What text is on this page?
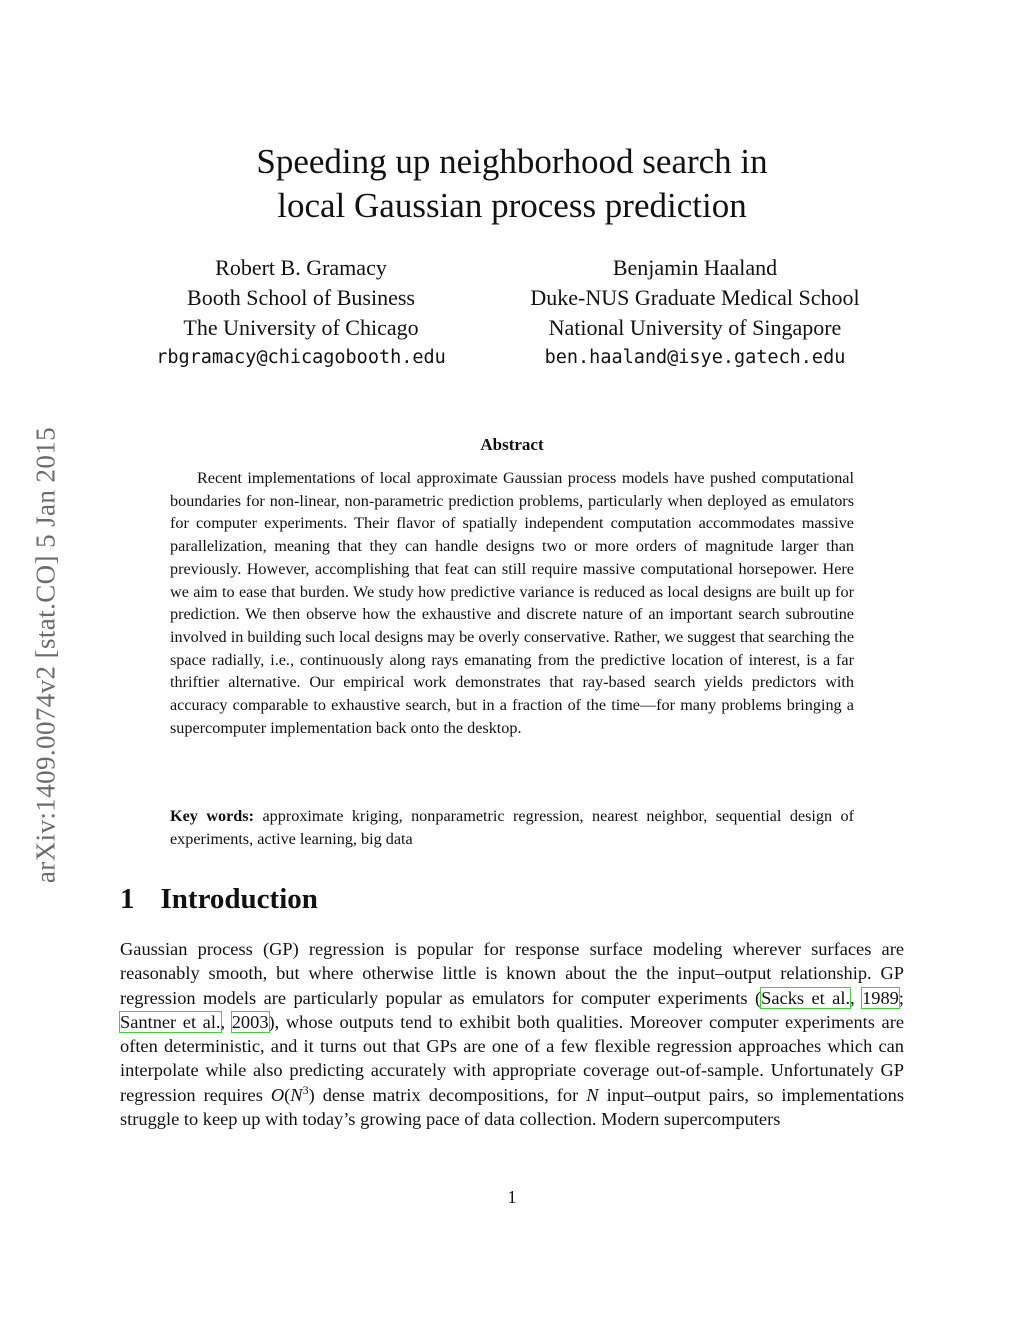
arXiv:1409.0074v2 [stat.CO] 5 Jan 2015
Speeding up neighborhood search in
local Gaussian process prediction
Robert B. Gramacy
Booth School of Business
The University of Chicago
rbgramacy@chicagobooth.edu
Benjamin Haaland
Duke-NUS Graduate Medical School
National University of Singapore
ben.haaland@isye.gatech.edu
Abstract

Recent implementations of local approximate Gaussian process models have pushed computational boundaries for non-linear, non-parametric prediction problems, particularly when deployed as emulators for computer experiments. Their flavor of spatially independent computation accommodates massive parallelization, meaning that they can handle designs two or more orders of magnitude larger than previously. However, accomplishing that feat can still require massive computational horsepower. Here we aim to ease that burden. We study how predictive variance is reduced as local designs are built up for prediction. We then observe how the exhaustive and discrete nature of an important search subroutine involved in building such local designs may be overly conservative. Rather, we suggest that searching the space radially, i.e., continuously along rays emanating from the predictive location of interest, is a far thriftier alternative. Our empirical work demonstrates that ray-based search yields predictors with accuracy comparable to exhaustive search, but in a fraction of the time—for many problems bringing a supercomputer implementation back onto the desktop.

Key words: approximate kriging, nonparametric regression, nearest neighbor, sequential design of experiments, active learning, big data

1 Introduction

Gaussian process (GP) regression is popular for response surface modeling wherever surfaces are reasonably smooth, but where otherwise little is known about the the input–output relationship. GP regression models are particularly popular as emulators for computer experiments (Sacks et al., 1989; Santner et al., 2003), whose outputs tend to exhibit both qualities. Moreover computer experiments are often deterministic, and it turns out that GPs are one of a few flexible regression approaches which can interpolate while also predicting accurately with appropriate coverage out-of-sample. Unfortunately GP regression requires $O(N^3)$ dense matrix decompositions, for N input–output pairs, so implementations struggle to keep up with today’s growing pace of data collection. Modern supercomputers

1
